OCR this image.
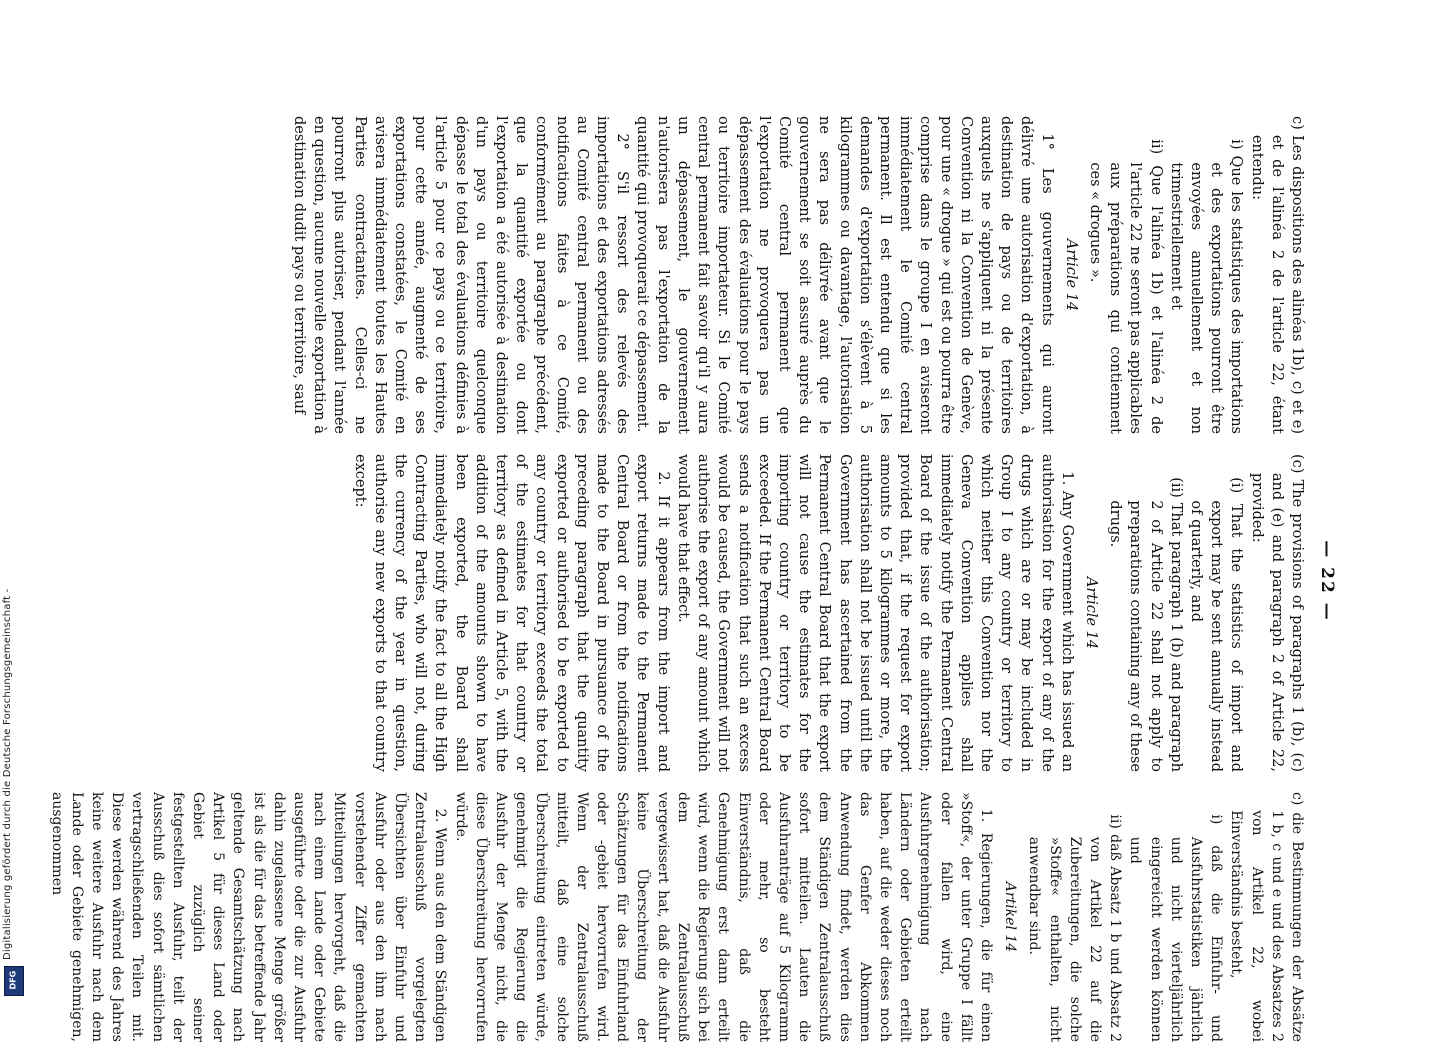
— 22 —

c) Les dispositions des alinéas 1b), c) et e) et de l'alinéa 2 de l'article 22, étant entendu:

i) Que les statistiques des importations et des exportations pourront être envoyées annuellement et non trimestriellement et

ii) Que l'alinéa 1b) et l'alinéa 2 de l'article 22 ne seront pas applicables aux préparations qui contiennent ces « drogues ».

Article 14

1° Les gouvernements qui auront délivré une autorisation d'exportation, à destination de pays ou de territoires auxquels ne s'appliquent ni la présente Convention ni la Convention de Genève, pour une « drogue » qui est ou pourra être comprise dans le groupe I en aviseront immédiatement le Comité central permanent. Il est entendu que si les demandes d'exportation s'élèvent à 5 kilogrammes ou davantage, l'autorisation ne sera pas délivrée avant que le gouvernement se soit assuré auprès du Comité central permanent que l'exportation ne provoquera pas un dépassement des évaluations pour le pays ou territoire importateur. Si le Comité central permanent fait savoir qu'il y aura un dépassement, le gouvernement n'autorisera pas l'exportation de la quantité qui provoquerait ce dépassement.

2° S'il ressort des relevés des importations et des exportations adressés au Comité central permanent ou des notifications faites à ce Comité, conformément au paragraphe précédent, que la quantité exportée ou dont l'exportation a été autorisée à destination d'un pays ou territoire quelconque dépasse le total des évaluations définies à l'article 5 pour ce pays ou ce territoire, pour cette année, augmenté de ses exportations constatées, le Comité en avisera immédiatement toutes les Hautes Parties contractantes. Celles-ci ne pourront plus autoriser, pendant l'année en question, aucune nouvelle exportation à destination dudit pays ou territoire, sauf

(c) The provisions of paragraphs 1 (b), (c) and (e) and paragraph 2 of Article 22, provided:

(i) That the statistics of import and export may be sent annually instead of quarterly, and

(ii) That paragraph 1 (b) and paragraph 2 of Article 22 shall not apply to preparations containing any of these drugs.

Article 14

1. Any Government which has issued an authorisation for the export of any of the drugs which are or may be included in Group I to any country or territory to which neither this Convention nor the Geneva Convention applies shall immediately notify the Permanent Central Board of the issue of the authorisation; provided that, if the request for export amounts to 5 kilogrammes or more, the authorisation shall not be issued until the Government has ascertained from the Permanent Central Board that the export will not cause the estimates for the importing country or territory to be exceeded. If the Permanent Central Board sends a notification that such an excess would be caused, the Government will not authorise the export of any amount which would have that effect.

2. If it appears from the import and export returns made to the Permanent Central Board or from the notifications made to the Board in pursuance of the preceding paragraph that the quantity exported or authorised to be exported to any country or territory exceeds the total of the estimates for that country or territory as defined in Article 5, with the addition of the amounts shown to have been exported, the Board shall immediately notify the fact to all the High Contracting Parties, who will not, during the currency of the year in question, authorise any new exports to that country except:

c) die Bestimmungen der Absätze 1 b, c und e und des Absatzes 2 von Artikel 22, wobei Einverständnis besteht,

i) daß die Einfuhr- und Ausfuhrstatistiken jährlich und nicht vierteljährlich eingereicht werden können und

ii) daß Absatz 1 b und Absatz 2 von Artikel 22 auf die Zubereitungen, die solche »Stoffe« enthalten, nicht anwendbar sind.

Artikel 14

1. Regierungen, die für einen »Stoff«, der unter Gruppe I fällt oder fallen wird, eine Ausfuhrgenehmigung nach Ländern oder Gebieten erteilt haben, auf die weder dieses noch das Genfer Abkommen Anwendung findet, werden dies dem Ständigen Zentralausschuß sofort mitteilen. Lauten die Ausfuhranträge auf 5 Kilogramm oder mehr, so besteht Einverständnis, daß die Genehmigung erst dann erteilt wird, wenn die Regierung sich bei dem Zentralausschuß vergewissert hat, daß die Ausfuhr keine Überschreitung der Schätzungen für das Einfuhrland oder -gebiet hervorrufen wird. Wenn der Zentralausschuß mitteilt, daß eine solche Überschreitung eintreten würde, genehmigt die Regierung die Ausfuhr der Menge nicht, die diese Überschreitung hervorrufen würde.

2. Wenn aus den dem Ständigen Zentralausschuß vorgelegten Übersichten über Einfuhr und Ausfuhr oder aus den ihm nach vorstehender Ziffer gemachten Mitteilungen hervorgeht, daß die nach einem Lande oder Gebiete ausgeführte oder die zur Ausfuhr dahin zugelassene Menge größer ist als die für das betreffende Jahr geltende Gesamtschätzung nach Artikel 5 für dieses Land oder Gebiet zuzüglich seiner festgestellten Ausfuhr, teilt der Ausschuß dies sofort sämtlichen vertragschließenden Teilen mit. Diese werden während des Jahres keine weitere Ausfuhr nach dem Lande oder Gebiete genehmigen, ausgenommen

Digitalisierung gefördert durch die Deutsche Forschungsgemeinschaft -
DFG
